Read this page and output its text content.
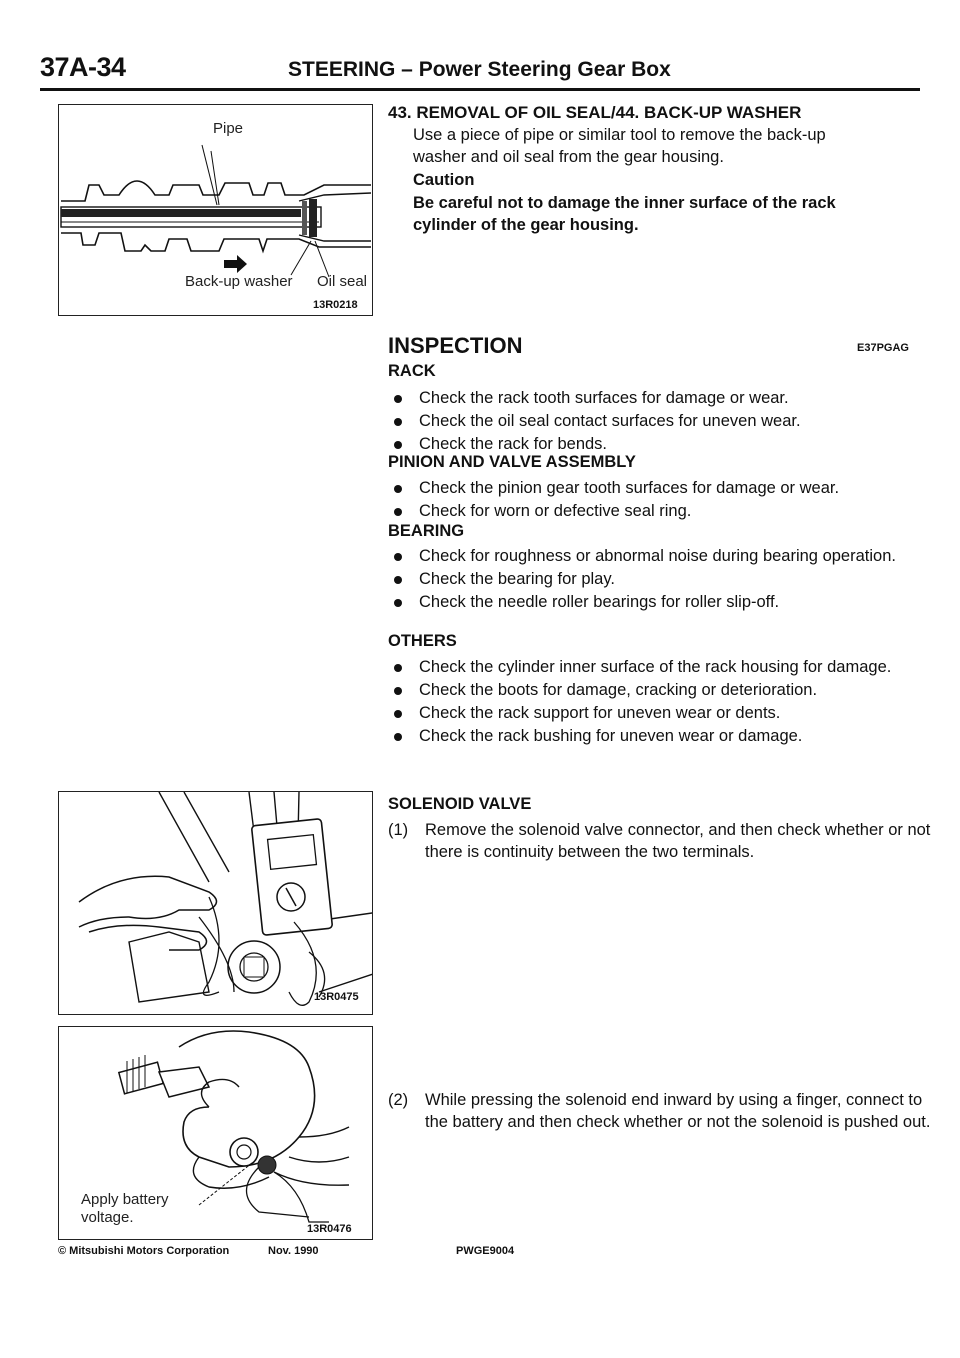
37A-34	STEERING – Power Steering Gear Box
Pipe
Back-up washer Oil seal
13R0218
43. REMOVAL OF OIL SEAL/44. BACK-UP WASHER
Use a piece of pipe or similar tool to remove the back-up
washer and oil seal from the gear housing.
Caution
Be careful not to damage the inner surface of the rack
cylinder of the gear housing.
INSPECTION	E37PGAG
RACK
Check the rack tooth surfaces for damage or wear.
Check the oil seal contact surfaces for uneven wear.
Check the rack for bends.
PINION AND VALVE ASSEMBLY
Check the pinion gear tooth surfaces for damage or wear.
Check for worn or defective seal ring.
BEARING
Check for roughness or abnormal noise during bearing operation.
Check the bearing for play.
Check the needle roller bearings for roller slip-off.
OTHERS
Check the cylinder inner surface of the rack housing for damage.
Check the boots for damage, cracking or deterioration.
Check the rack support for uneven wear or dents.
Check the rack bushing for uneven wear or damage.
13R0475
Apply battery
voltage.
13R0476
SOLENOID VALVE
(1) Remove the solenoid valve connector, and then check whether or not there is continuity between the two terminals.
(2) While pressing the solenoid end inward by using a finger, connect to the battery and then check whether or not the solenoid is pushed out.
© Mitsubishi Motors Corporation	Nov. 1990	PWGE9004
